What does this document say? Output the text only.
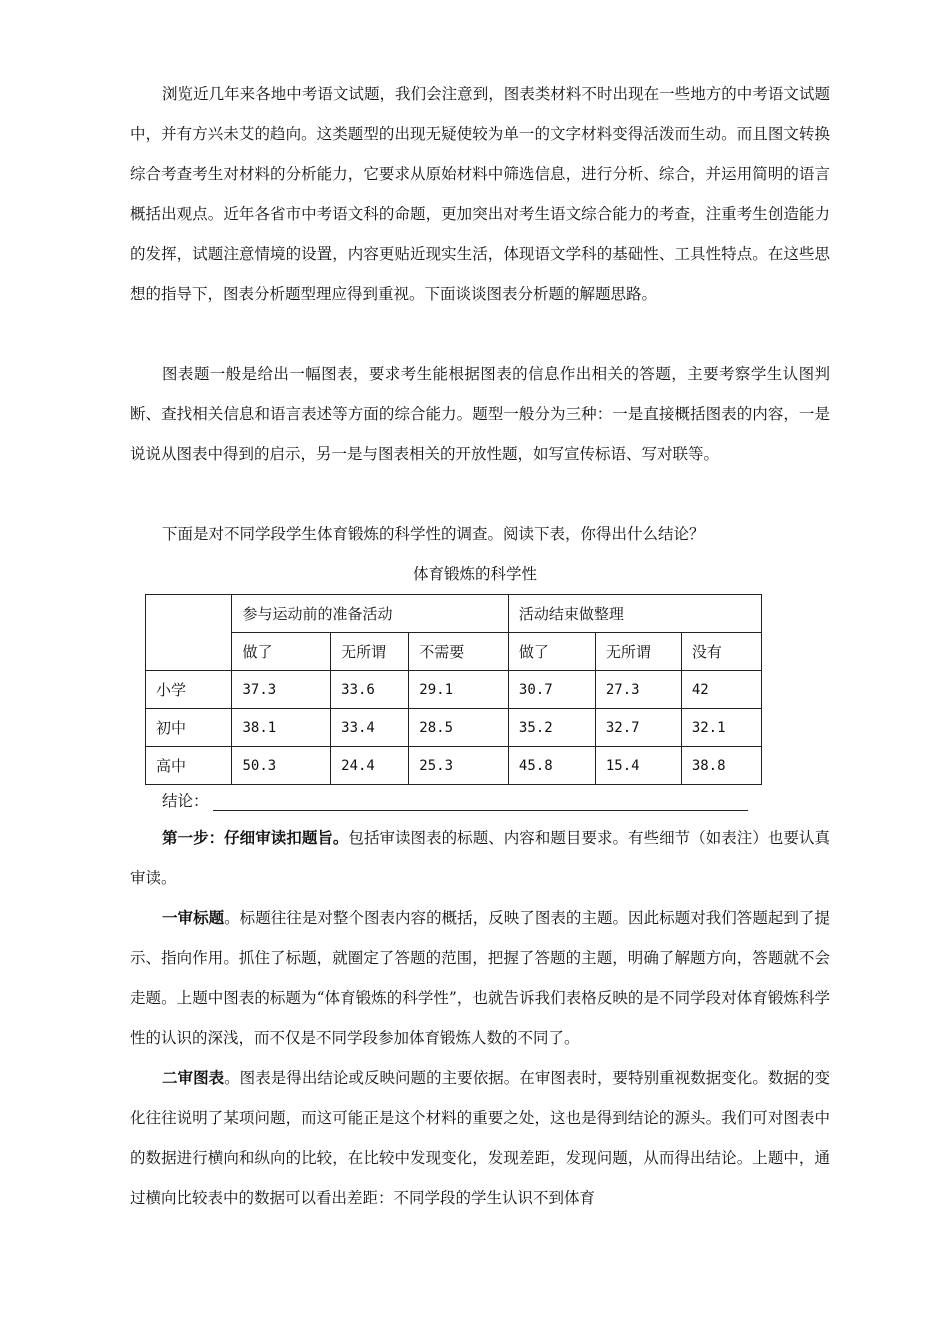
浏览近几年来各地中考语文试题，我们会注意到，图表类材料不时出现在一些地方的中考语文试题中，并有方兴未艾的趋向。这类题型的出现无疑使较为单一的文字材料变得活泼而生动。而且图文转换综合考查考生对材料的分析能力，它要求从原始材料中筛选信息，进行分析、综合，并运用简明的语言概括出观点。近年各省市中考语文科的命题，更加突出对考生语文综合能力的考查，注重考生创造能力的发挥，试题注意情境的设置，内容更贴近现实生活，体现语文学科的基础性、工具性特点。在这些思想的指导下，图表分析题型理应得到重视。下面谈谈图表分析题的解题思路。

图表题一般是给出一幅图表，要求考生能根据图表的信息作出相关的答题，主要考察学生认图判断、查找相关信息和语言表述等方面的综合能力。题型一般分为三种：一是直接概括图表的内容，一是说说从图表中得到的启示，另一是与图表相关的开放性题，如写宣传标语、写对联等。

下面是对不同学段学生体育锻炼的科学性的调查。阅读下表，你得出什么结论？

体育锻炼的科学性
	参与运动前的准备活动			活动结束做整理		
	做了	无所谓	不需要	做了	无所谓	没有
小学	37.3	33.6	29.1	30.7	27.3	42
初中	38.1	33.4	28.5	35.2	32.7	32.1
高中	50.3	24.4	25.3	45.8	15.4	38.8
结论：

第一步：仔细审读扣题旨。包括审读图表的标题、内容和题目要求。有些细节（如表注）也要认真审读。

一审标题。标题往往是对整个图表内容的概括，反映了图表的主题。因此标题对我们答题起到了提示、指向作用。抓住了标题，就圈定了答题的范围，把握了答题的主题，明确了解题方向，答题就不会走题。上题中图表的标题为“体育锻炼的科学性”，也就告诉我们表格反映的是不同学段对体育锻炼科学性的认识的深浅，而不仅是不同学段参加体育锻炼人数的不同了。

二审图表。图表是得出结论或反映问题的主要依据。在审图表时，要特别重视数据变化。数据的变化往往说明了某项问题，而这可能正是这个材料的重要之处，这也是得到结论的源头。我们可对图表中的数据进行横向和纵向的比较，在比较中发现变化，发现差距，发现问题，从而得出结论。上题中，通过横向比较表中的数据可以看出差距：不同学段的学生认识不到体育
